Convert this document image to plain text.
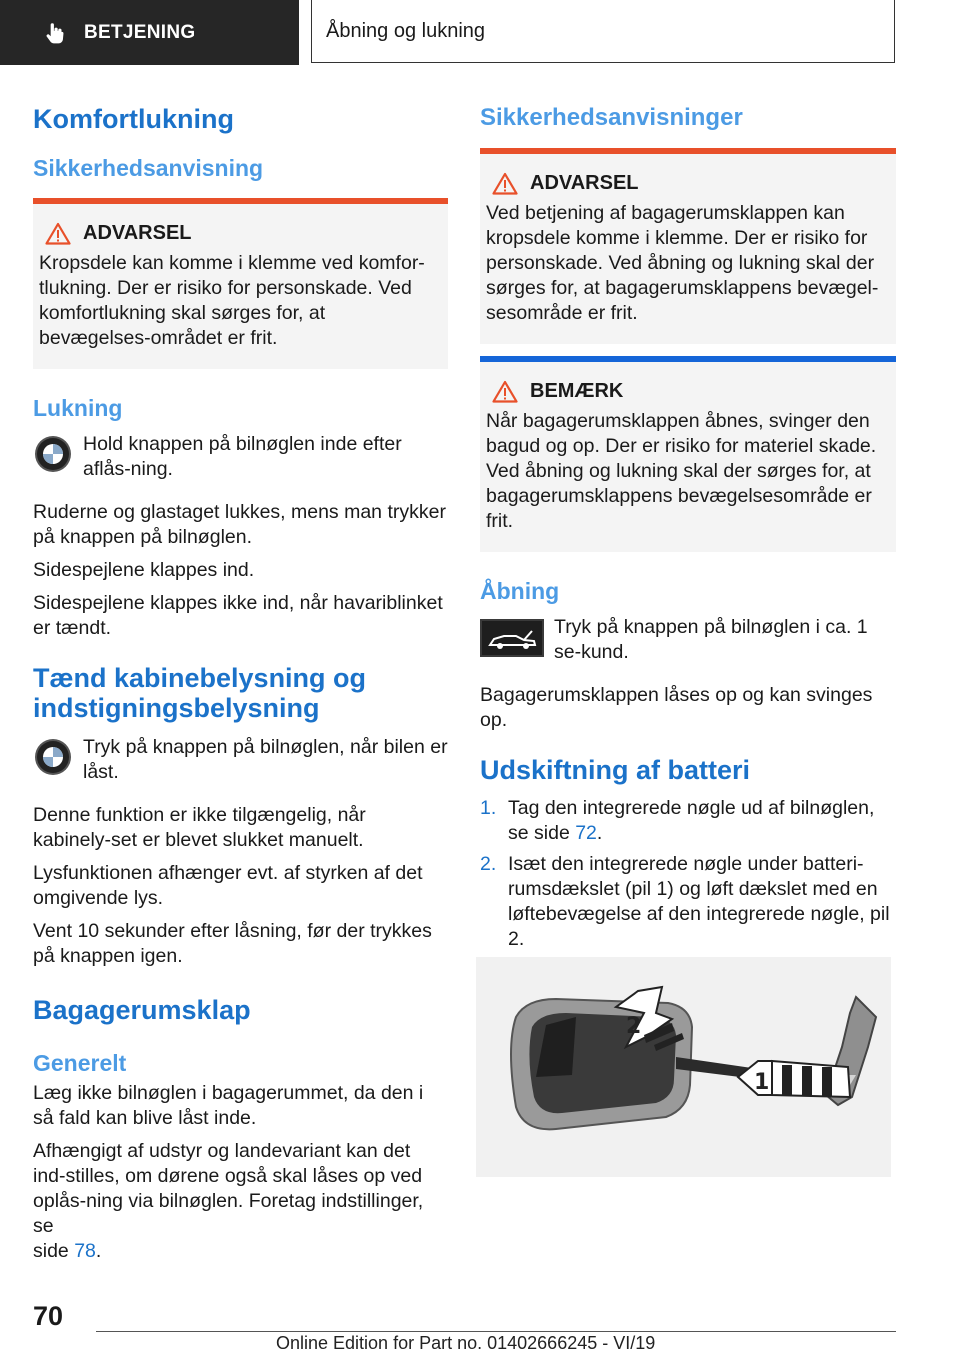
BETJENING	Åbning og lukning
Komfortlukning
Sikkerhedsanvisning
ADVARSEL

Kropsdele kan komme i klemme ved komfor-tlukning. Der er risiko for personskade. Ved komfortlukning skal sørges for, at bevægelses-området er frit.

Lukning

Hold knappen på bilnøglen inde efter aflås-ning.

Ruderne og glastaget lukkes, mens man trykker på knappen på bilnøglen.

Sidespejlene klappes ind.

Sidespejlene klappes ikke ind, når havariblinket er tændt.

Tænd kabinebelysning og
indstigningsbelysning

Tryk på knappen på bilnøglen, når bilen er låst.

Denne funktion er ikke tilgængelig, når kabinely-set er blevet slukket manuelt.

Lysfunktionen afhænger evt. af styrken af det omgivende lys.

Vent 10 sekunder efter låsning, før der trykkes på knappen igen.

Bagagerumsklap
Generelt

Læg ikke bilnøglen i bagagerummet, da den i så fald kan blive låst inde.

Afhængigt af udstyr og landevariant kan det ind-stilles, om dørene også skal låses op ved oplås-ning via bilnøglen. Foretag indstillinger, se
side 78.

Sikkerhedsanvisninger
ADVARSEL

Ved betjening af bagagerumsklappen kan kropsdele komme i klemme. Der er risiko for personskade. Ved åbning og lukning skal der sørges for, at bagagerumsklappens bevægel-sesområde er frit.

BEMÆRK

Når bagagerumsklappen åbnes, svinger den bagud og op. Der er risiko for materiel skade. Ved åbning og lukning skal der sørges for, at bagagerumsklappens bevægelsesområde er frit.

Åbning

Tryk på knappen på bilnøglen i ca. 1 se-kund.

Bagagerumsklappen låses op og kan svinges op.

Udskiftning af batteri
1. Tag den integrerede nøgle ud af bilnøglen, se side 72.
2. Isæt den integrerede nøgle under batteri-rumsdækslet (pil 1) og løft dækslet med en løftebevægelse af den integrerede nøgle, pil 2.
2
1
70
Online Edition for Part no. 01402666245 - VI/19
